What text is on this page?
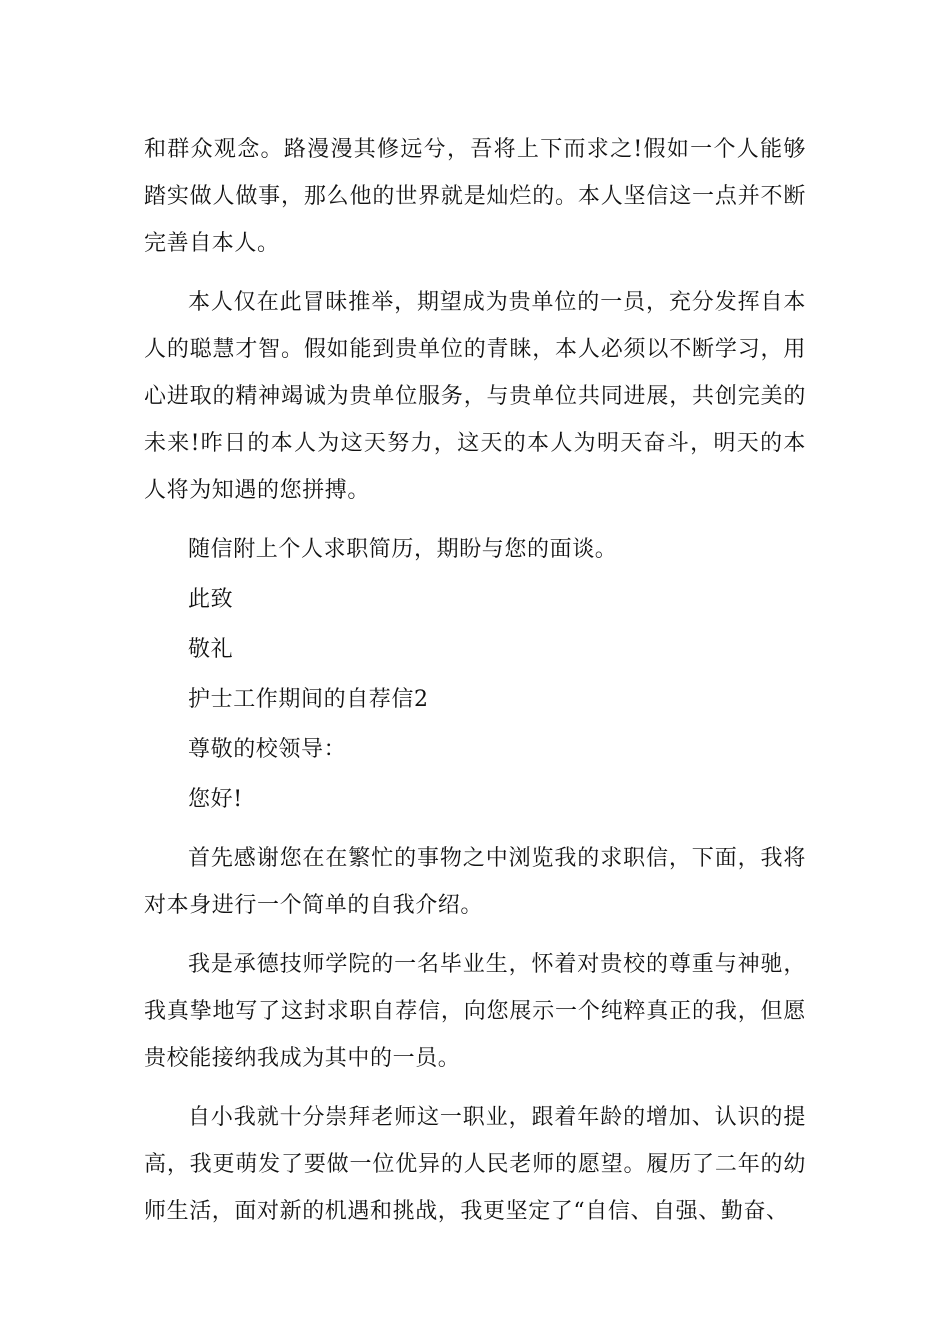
和群众观念。路漫漫其修远兮，吾将上下而求之!假如一个人能够踏实做人做事，那么他的世界就是灿烂的。本人坚信这一点并不断完善自本人。

本人仅在此冒昧推举，期望成为贵单位的一员，充分发挥自本人的聪慧才智。假如能到贵单位的青睐，本人必须以不断学习，用心进取的精神竭诚为贵单位服务，与贵单位共同进展，共创完美的未来!昨日的本人为这天努力，这天的本人为明天奋斗，明天的本人将为知遇的您拼搏。

随信附上个人求职简历，期盼与您的面谈。

此致

敬礼

护士工作期间的自荐信2

尊敬的校领导：

您好!

首先感谢您在在繁忙的事物之中浏览我的求职信，下面，我将对本身进行一个简单的自我介绍。

我是承德技师学院的一名毕业生，怀着对贵校的尊重与神驰，我真挚地写了这封求职自荐信，向您展示一个纯粹真正的我，但愿贵校能接纳我成为其中的一员。

自小我就十分崇拜老师这一职业，跟着年龄的增加、认识的提高，我更萌发了要做一位优异的人民老师的愿望。履历了二年的幼师生活，面对新的机遇和挑战，我更坚定了“自信、自强、勤奋、
